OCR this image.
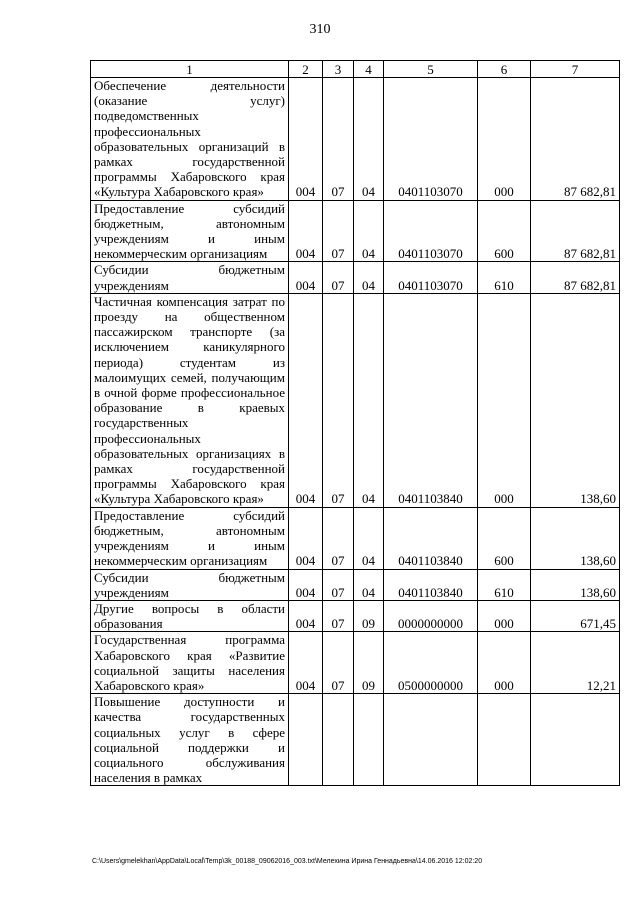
310
1	2	3	4	5	6	7
Обеспечение деятельности (оказание услуг) подведомственных профессиональных образовательных организаций в рамках государственной программы Хабаровского края «Культура Хабаровского края»	004	07	04	0401103070	000	87 682,81
Предоставление субсидий бюджетным, автономным учреждениям и иным некоммерческим организациям	004	07	04	0401103070	600	87 682,81
Субсидии бюджетным учреждениям	004	07	04	0401103070	610	87 682,81
Частичная компенсация затрат по проезду на общественном пассажирском транспорте (за исключением каникулярного периода) студентам из малоимущих семей, получающим в очной форме профессиональное образование в краевых государственных профессиональных образовательных организациях в рамках государственной программы Хабаровского края «Культура Хабаровского края»	004	07	04	0401103840	000	138,60
Предоставление субсидий бюджетным, автономным учреждениям и иным некоммерческим организациям	004	07	04	0401103840	600	138,60
Субсидии бюджетным учреждениям	004	07	04	0401103840	610	138,60
Другие вопросы в области образования	004	07	09	0000000000	000	671,45
Государственная программа Хабаровского края «Развитие социальной защиты населения Хабаровского края»	004	07	09	0500000000	000	12,21
Повышение доступности и качества государственных социальных услуг в сфере социальной поддержки и социального обслуживания населения в рамках						
C:\Users\gmelekhan\AppData\Local\Temp\3k_00188_09062016_003.txt\Мелехина Ирина Геннадьевна\14.06.2016 12:02:20
